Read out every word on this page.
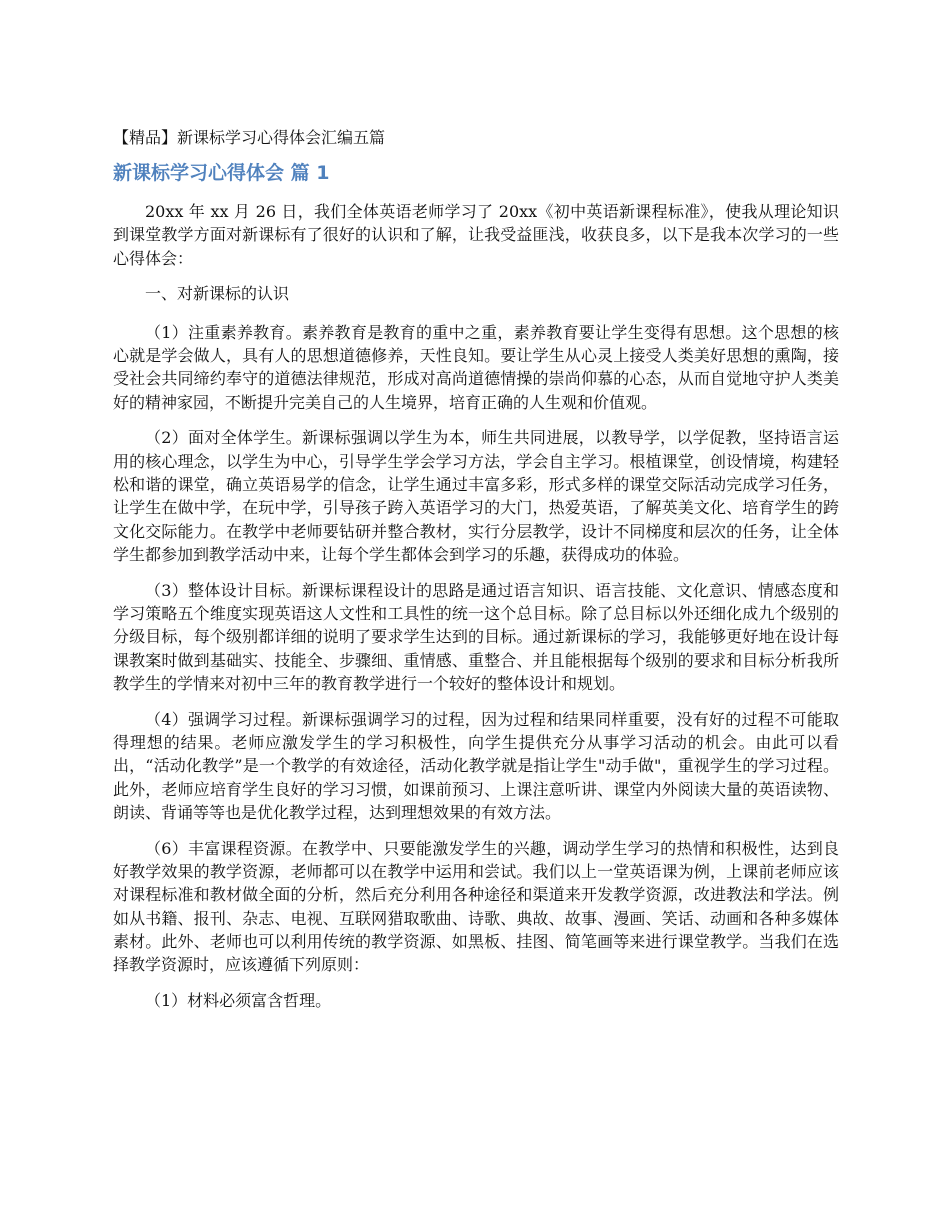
【精品】新课标学习心得体会汇编五篇
新课标学习心得体会 篇 1

20xx 年 xx 月 26 日，我们全体英语老师学习了 20xx《初中英语新课程标准》，使我从理论知识到课堂教学方面对新课标有了很好的认识和了解，让我受益匪浅，收获良多，以下是我本次学习的一些心得体会：

一、对新课标的认识

（1）注重素养教育。素养教育是教育的重中之重，素养教育要让学生变得有思想。这个思想的核心就是学会做人，具有人的思想道德修养，天性良知。要让学生从心灵上接受人类美好思想的熏陶，接受社会共同缔约奉守的道德法律规范，形成对高尚道德情操的崇尚仰慕的心态，从而自觉地守护人类美好的精神家园，不断提升完美自己的人生境界，培育正确的人生观和价值观。

（2）面对全体学生。新课标强调以学生为本，师生共同进展，以教导学，以学促教，坚持语言运用的核心理念，以学生为中心，引导学生学会学习方法，学会自主学习。根植课堂，创设情境，构建轻松和谐的课堂，确立英语易学的信念，让学生通过丰富多彩，形式多样的课堂交际活动完成学习任务，让学生在做中学，在玩中学，引导孩子跨入英语学习的大门，热爱英语，了解英美文化、培育学生的跨文化交际能力。在教学中老师要钻研并整合教材，实行分层教学，设计不同梯度和层次的任务，让全体学生都参加到教学活动中来，让每个学生都体会到学习的乐趣，获得成功的体验。

（3）整体设计目标。新课标课程设计的思路是通过语言知识、语言技能、文化意识、情感态度和学习策略五个维度实现英语这人文性和工具性的统一这个总目标。除了总目标以外还细化成九个级别的分级目标，每个级别都详细的说明了要求学生达到的目标。通过新课标的学习，我能够更好地在设计每课教案时做到基础实、技能全、步骤细、重情感、重整合、并且能根据每个级别的要求和目标分析我所教学生的学情来对初中三年的教育教学进行一个较好的整体设计和规划。

（4）强调学习过程。新课标强调学习的过程，因为过程和结果同样重要，没有好的过程不可能取得理想的结果。老师应激发学生的学习积极性，向学生提供充分从事学习活动的机会。由此可以看出，“活动化教学”是一个教学的有效途径，活动化教学就是指让学生"动手做"，重视学生的学习过程。此外，老师应培育学生良好的学习习惯，如课前预习、上课注意听讲、课堂内外阅读大量的英语读物、朗读、背诵等等也是优化教学过程，达到理想效果的有效方法。

（6）丰富课程资源。在教学中、只要能激发学生的兴趣，调动学生学习的热情和积极性，达到良好教学效果的教学资源，老师都可以在教学中运用和尝试。我们以上一堂英语课为例，上课前老师应该对课程标准和教材做全面的分析，然后充分利用各种途径和渠道来开发教学资源，改进教法和学法。例如从书籍、报刊、杂志、电视、互联网猎取歌曲、诗歌、典故、故事、漫画、笑话、动画和各种多媒体素材。此外、老师也可以利用传统的教学资源、如黑板、挂图、简笔画等来进行课堂教学。当我们在选择教学资源时，应该遵循下列原则：

（1）材料必须富含哲理。
